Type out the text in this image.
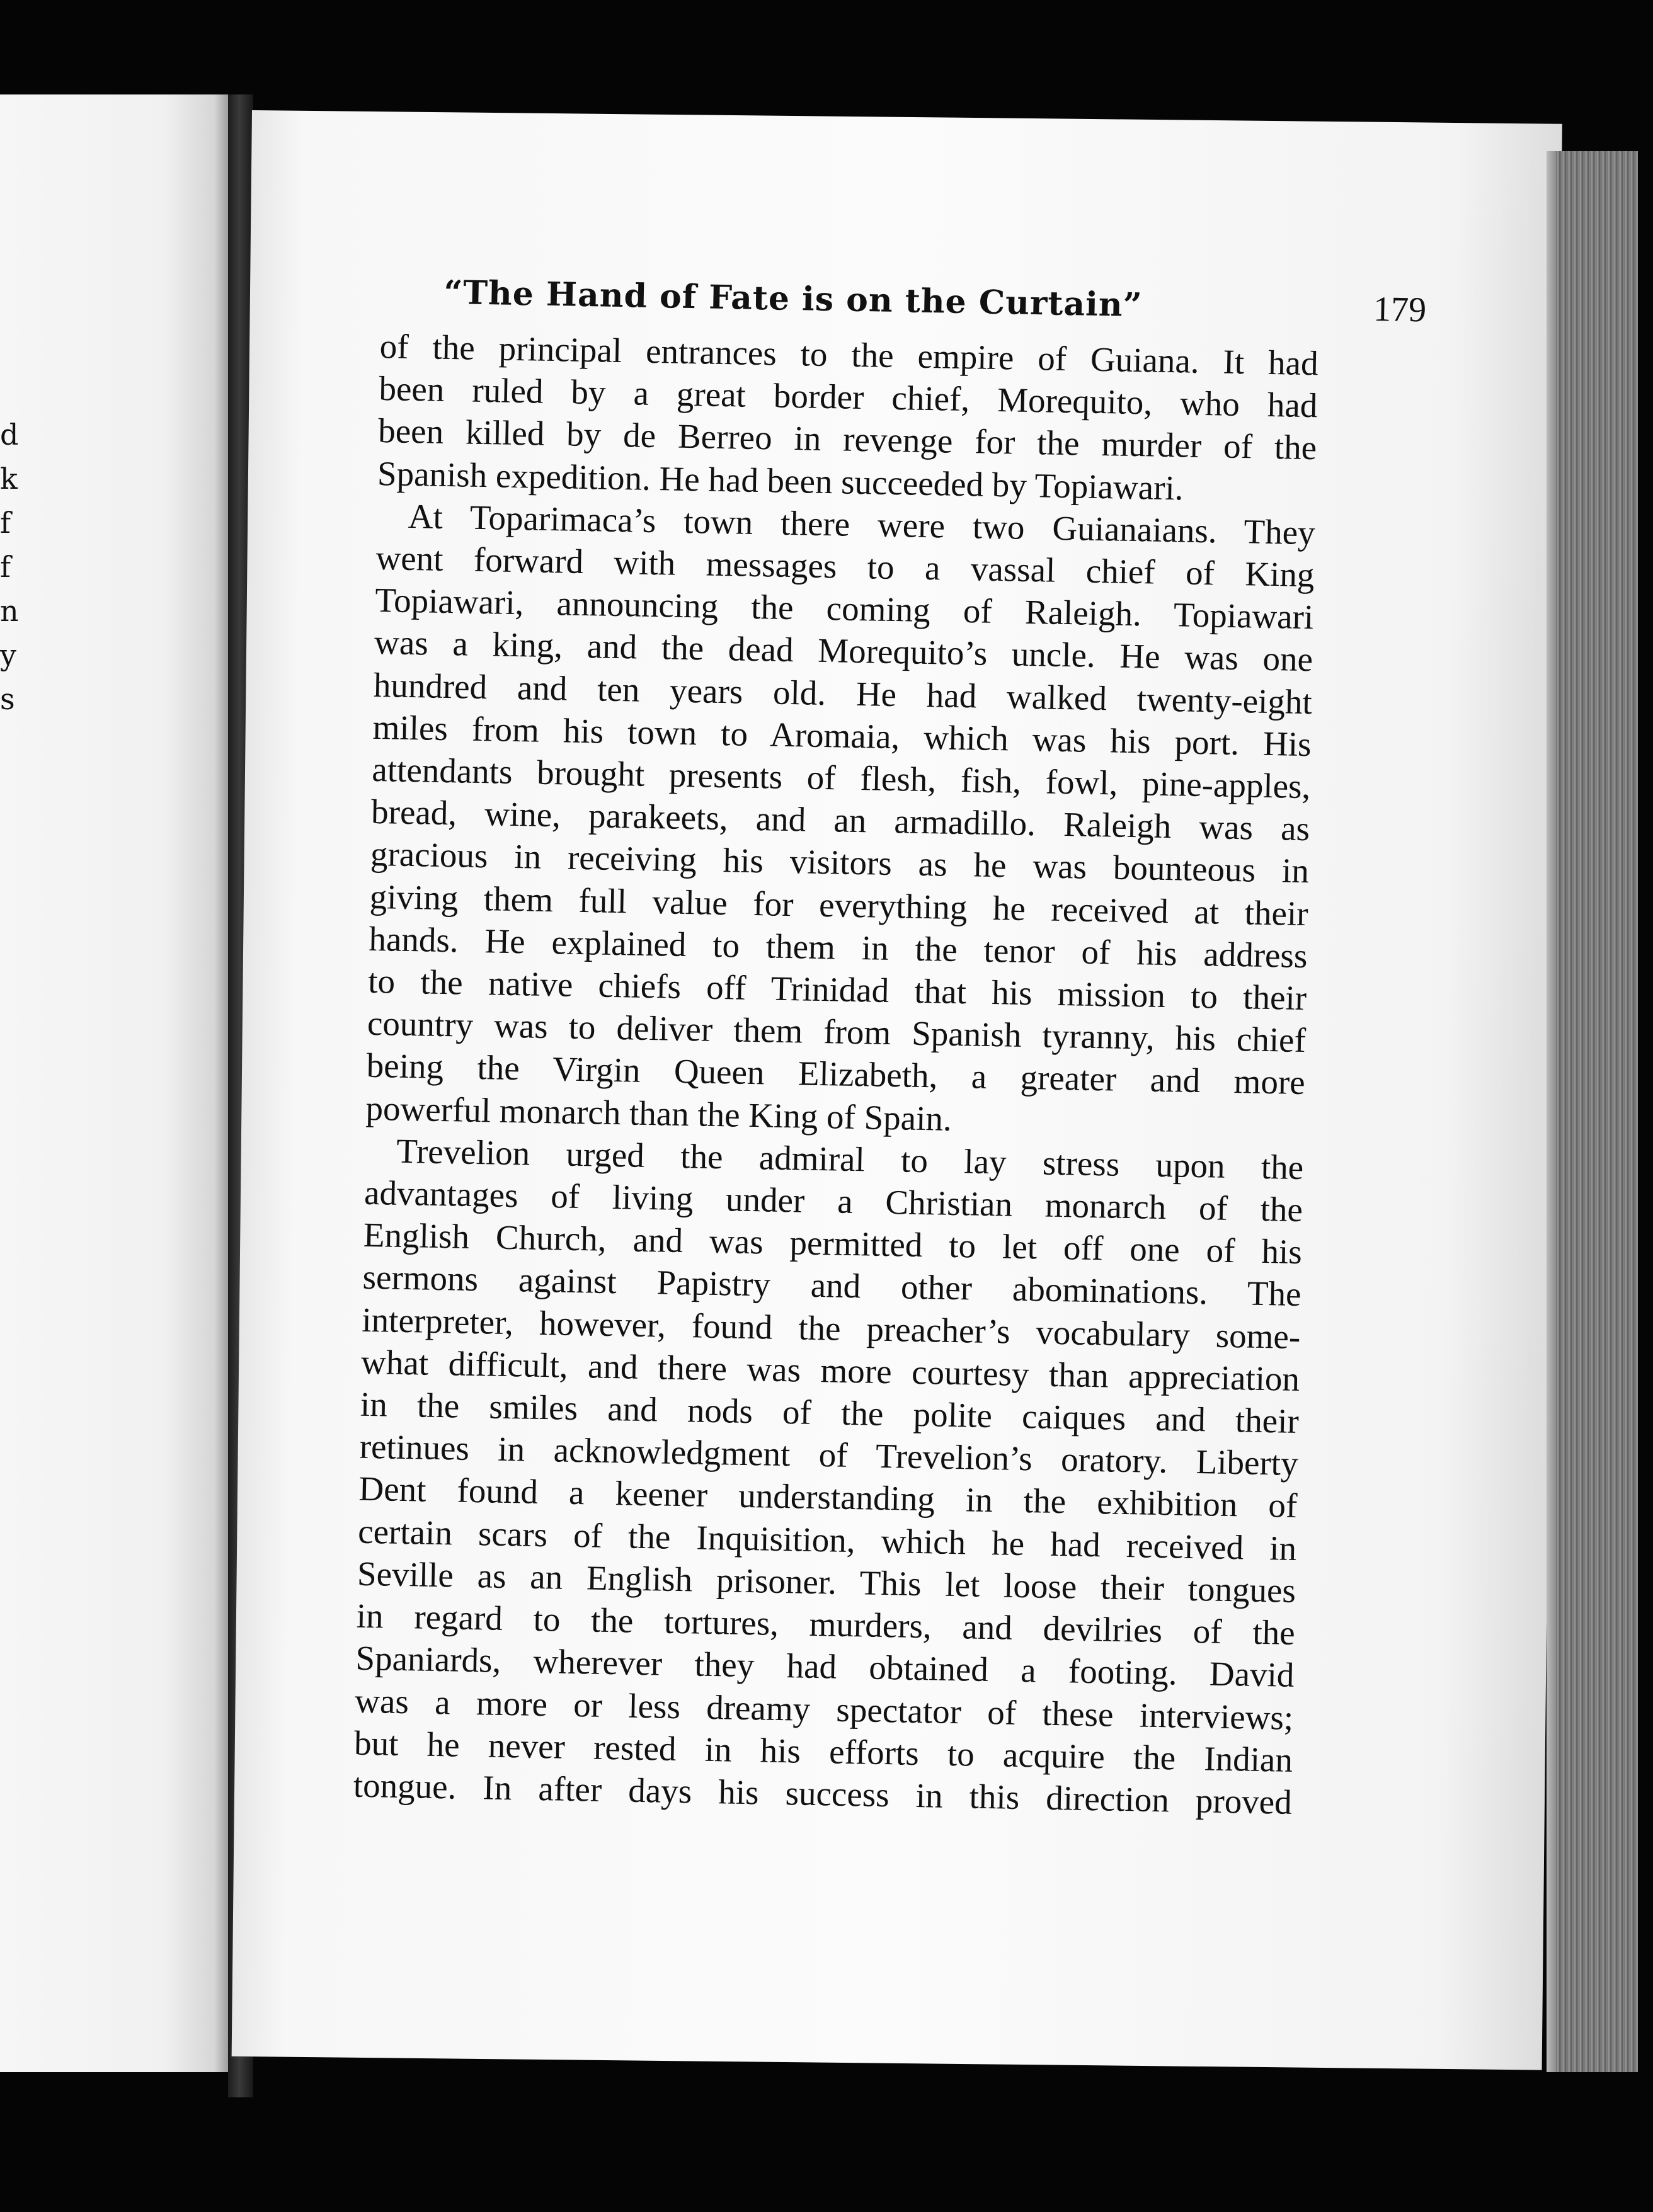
d
k
f
f
n
y
s
“The Hand of Fate is on the Curtain”	179
of the principal entrances to the empire of Guiana. It had
been ruled by a great border chief, Morequito, who had
been killed by de Berreo in revenge for the murder of the
Spanish expedition. He had been succeeded by Topiawari.
At Toparimaca’s town there were two Guianaians. They
went forward with messages to a vassal chief of King
Topiawari, announcing the coming of Raleigh. Topiawari
was a king, and the dead Morequito’s uncle. He was one
hundred and ten years old. He had walked twenty-eight
miles from his town to Aromaia, which was his port. His
attendants brought presents of flesh, fish, fowl, pine-apples,
bread, wine, parakeets, and an armadillo. Raleigh was as
gracious in receiving his visitors as he was bounteous in
giving them full value for everything he received at their
hands. He explained to them in the tenor of his address
to the native chiefs off Trinidad that his mission to their
country was to deliver them from Spanish tyranny, his chief
being the Virgin Queen Elizabeth, a greater and more
powerful monarch than the King of Spain.
Trevelion urged the admiral to lay stress upon the
advantages of living under a Christian monarch of the
English Church, and was permitted to let off one of his
sermons against Papistry and other abominations. The
interpreter, however, found the preacher’s vocabulary some-
what difficult, and there was more courtesy than appreciation
in the smiles and nods of the polite caiques and their
retinues in acknowledgment of Trevelion’s oratory. Liberty
Dent found a keener understanding in the exhibition of
certain scars of the Inquisition, which he had received in
Seville as an English prisoner. This let loose their tongues
in regard to the tortures, murders, and devilries of the
Spaniards, wherever they had obtained a footing. David
was a more or less dreamy spectator of these interviews;
but he never rested in his efforts to acquire the Indian
tongue. In after days his success in this direction proved
